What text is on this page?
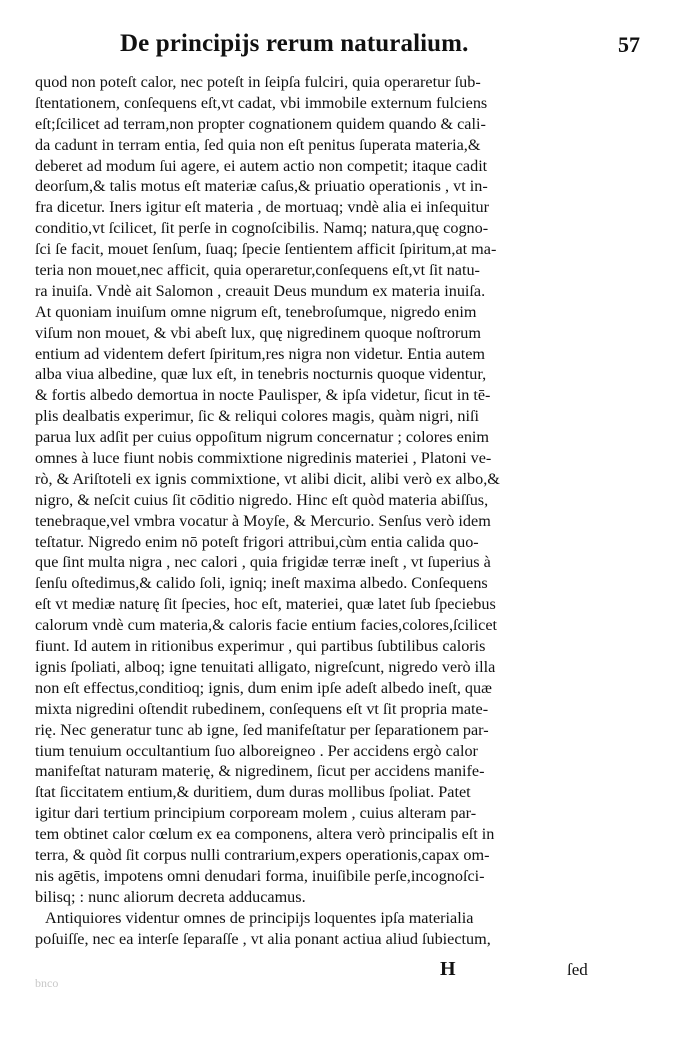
De principijs rerum naturalium.	57
quod non poteſt calor, nec poteſt in ſeipſa fulciri, quia operaretur ſub-
ſtentationem, conſequens eſt,vt cadat, vbi immobile externum fulciens
eſt;ſcilicet ad terram,non propter cognationem quidem quando & cali-
da cadunt in terram entia, ſed quia non eſt penitus ſuperata materia,&
deberet ad modum ſui agere, ei autem actio non competit; itaque cadit
deorſum,& talis motus eſt materiæ caſus,& priuatio operationis , vt in-
fra dicetur. Iners igitur eſt materia , de mortuaq; vndè alia ei inſequitur
conditio,vt ſcilicet, ſit perſe in cognoſcibilis. Namq; natura,quę cogno-
ſci ſe facit, mouet ſenſum, ſuaq; ſpecie ſentientem afficit ſpiritum,at ma-
teria non mouet,nec afficit, quia operaretur,conſequens eſt,vt ſit natu-
ra inuiſa. Vndè ait Salomon , creauit Deus mundum ex materia inuiſa.
At quoniam inuiſum omne nigrum eſt, tenebroſumque, nigredo enim
viſum non mouet, & vbi abeſt lux, quę nigredinem quoque noſtrorum
entium ad videntem defert ſpiritum,res nigra non videtur. Entia autem
alba viua albedine, quæ lux eſt, in tenebris nocturnis quoque videntur,
& fortis albedo demortua in nocte Paulisper, & ipſa videtur, ſicut in tē-
plis dealbatis experimur, ſic & reliqui colores magis, quàm nigri, niſi
parua lux adſit per cuius oppoſitum nigrum concernatur ; colores enim
omnes à luce fiunt nobis commixtione nigredinis materiei , Platoni ve-
rò, & Ariſtoteli ex ignis commixtione, vt alibi dicit, alibi verò ex albo,&
nigro, & neſcit cuius ſit cōditio nigredo. Hinc eſt quòd materia abiſſus,
tenebraque,vel vmbra vocatur à Moyſe, & Mercurio. Senſus verò idem
teſtatur. Nigredo enim nō poteſt frigori attribui,cùm entia calida quo-
que ſint multa nigra , nec calori , quia frigidæ terræ ineſt , vt ſuperius à
ſenſu oſtedimus,& calido ſoli, igniq; ineſt maxima albedo. Conſequens
eſt vt mediæ naturę ſit ſpecies, hoc eſt, materiei, quæ latet ſub ſpeciebus
calorum vndè cum materia,& caloris facie entium facies,colores,ſcilicet
fiunt. Id autem in ritionibus experimur , qui partibus ſubtilibus caloris
ignis ſpoliati, alboq; igne tenuitati alligato, nigreſcunt, nigredo verò illa
non eſt effectus,conditioq; ignis, dum enim ipſe adeſt albedo ineſt, quæ
mixta nigredini oſtendit rubedinem, conſequens eſt vt ſit propria mate-
rię. Nec generatur tunc ab igne, ſed manifeſtatur per ſeparationem par-
tium tenuium occultantium ſuo alboreigneo . Per accidens ergò calor
manifeſtat naturam materię, & nigredinem, ſicut per accidens manife-
ſtat ſiccitatem entium,& duritiem, dum duras mollibus ſpoliat. Patet
igitur dari tertium principium corpoream molem , cuius alteram par-
tem obtinet calor cœlum ex ea componens, altera verò principalis eſt in
terra, & quòd ſit corpus nulli contrarium,expers operationis,capax om-
nis agētis, impotens omni denudari forma, inuiſibile perſe,incognoſci-
bilisq; : nunc aliorum decreta adducamus.
Antiquiores videntur omnes de principijs loquentes ipſa materialia
poſuiſſe, nec ea interſe ſeparaſſe , vt alia ponant actiua aliud ſubiectum,
H	ſed
bnco
